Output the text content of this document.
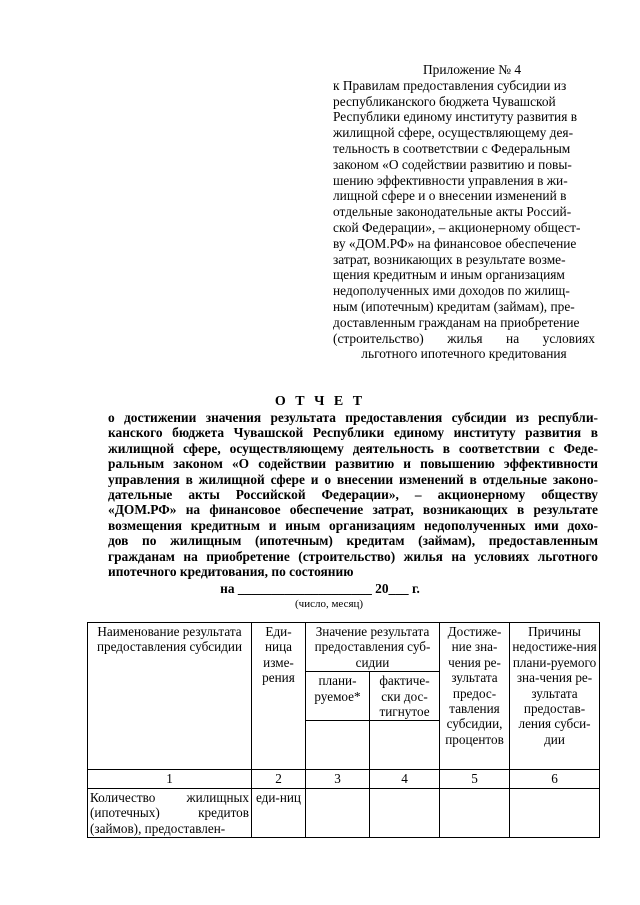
Приложение № 4
к Правилам предоставления субсидии из
республиканского бюджета Чувашской
Республики единому институту развития в
жилищной сфере, осуществляющему дея-
тельность в соответствии с Федеральным
законом «О содействии развитию и повы-
шению эффективности управления в жи-
лищной сфере и о внесении изменений в
отдельные законодательные акты Россий-
ской Федерации», – акционерному общест-
ву «ДОМ.РФ» на финансовое обеспечение
затрат, возникающих в результате возме-
щения кредитным и иным организациям
недополученных ими доходов по жилищ-
ным (ипотечным) кредитам (займам), пре-
доставленным гражданам на приобретение
(строительство) жилья на условиях
льготного ипотечного кредитования
О Т Ч Е Т
о достижении значения результата предоставления субсидии из республи-
канского бюджета Чувашской Республики единому институту развития в
жилищной сфере, осуществляющему деятельность в соответствии с Феде-
ральным законом «О содействии развитию и повышению эффективности
управления в жилищной сфере и о внесении изменений в отдельные законо-
дательные акты Российской Федерации», – акционерному обществу
«ДОМ.РФ» на финансовое обеспечение затрат, возникающих в результате
возмещения кредитным и иным организациям недополученных ими дохо-
дов по жилищным (ипотечным) кредитам (займам), предоставленным
гражданам на приобретение (строительство) жилья на условиях льготного
ипотечного кредитования, по состоянию
на ____________________ 20___ г.
(число, месяц)
Наименование результата предоставления субсидии	Еди-ница изме-рения	Значение результата предоставления суб-сидии		Достиже-ние зна-чения ре-зультата предос-тавления субсидии, процентов	Причины недостиже-ния плани-руемого зна-чения ре-зультата предостав-ления субси-дии
		плани-руемое*	фактиче-ски дос-тигнутое		

1	2	3	4	5	6
Количество жилищных (ипотечных) кредитов (займов), предоставлен-	еди-ниц				
